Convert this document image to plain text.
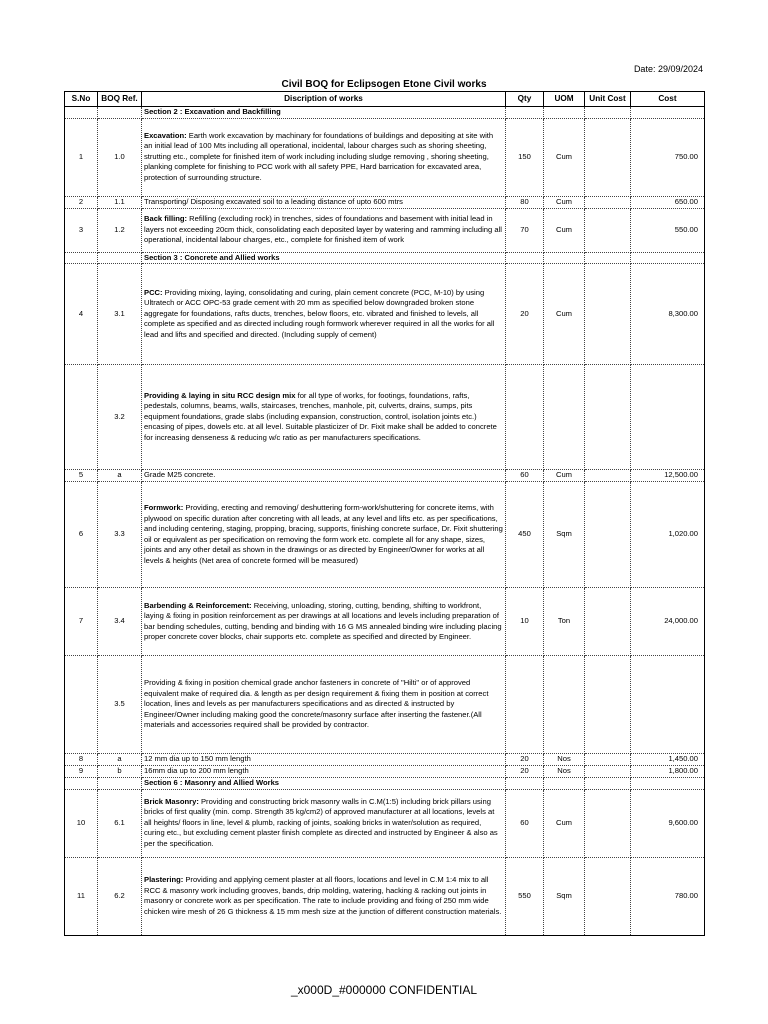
Date: 29/09/2024
Civil BOQ for Eclipsogen Etone Civil works
S.No	BOQ Ref.	Discription of works	Qty	UOM	Unit Cost	Cost
		Section 2 : Excavation and Backfilling				
1	1.0	Excavation: Earth work excavation by machinary for foundations of buildings and depositing at site with an initial lead of 100 Mts including all operational, incidental, labour charges such as shoring sheeting, strutting etc., complete for finished item of work including including sludge removing , shoring sheeting, planking complete for finishing to PCC work with all safety PPE, Hard barrication for excavated area, protection of surrounding structure.	150	Cum		750.00
2	1.1	Transporting/ Disposing excavated soil to a leading distance of upto 600 mtrs	80	Cum		650.00
3	1.2	Back filling: Refilling (excluding rock) in trenches, sides of foundations and basement with initial lead in layers not exceeding 20cm thick, consolidating each deposited layer by watering and ramming including all operational, incidental labour charges, etc., complete for finished item of work	70	Cum		550.00
		Section 3 : Concrete and Allied works				
4	3.1	PCC: Providing mixing, laying, consolidating and curing, plain cement concrete (PCC, M-10) by using Ultratech or ACC OPC-53 grade cement with 20 mm as specified below downgraded broken stone aggregate for foundations, rafts ducts, trenches, below floors, etc. vibrated and finished to levels, all complete as specified and as directed including rough formwork wherever required in all the works for all lead and lifts and specified and directed. (Including supply of cement)	20	Cum		8,300.00
	3.2	Providing & laying in situ RCC design mix for all type of works, for footings, foundations, rafts, pedestals, columns, beams, walls, staircases, trenches, manhole, pit, culverts, drains, sumps, pits equipment foundations, grade slabs (including expansion, construction, control, isolation joints etc.) encasing of pipes, dowels etc. at all level. Suitable plasticizer of Dr. Fixit make shall be added to concrete for increasing denseness & reducing w/c ratio as per manufacturers specifications.				
5	a	Grade M25 concrete.	60	Cum		12,500.00
6	3.3	Formwork: Providing, erecting and removing/ deshuttering form-work/shuttering for concrete items, with plywood on specific duration after concreting with all leads, at any level and lifts etc. as per specifications, and including centering, staging, propping, bracing, supports, finishing concrete surface, Dr. Fixit shuttering oil or equivalent as per specification on removing the form work etc. complete all for any shape, sizes, joints and any other detail as shown in the drawings or as directed by Engineer/Owner for works at all levels & heights (Net area of concrete formed will be measured)	450	Sqm		1,020.00
7	3.4	Barbending & Reinforcement: Receiving, unloading, storing, cutting, bending, shifting to workfront, laying & fixing in position reinforcement as per drawings at all locations and levels including preparation of bar bending schedules, cutting, bending and binding with 16 G MS annealed binding wire including placing proper concrete cover blocks, chair supports etc. complete as specified and directed by Engineer.	10	Ton		24,000.00
	3.5	Providing & fixing in position chemical grade anchor fasteners in concrete of "Hilti" or of approved equivalent make of required dia. & length as per design requirement & fixing them in position at correct location, lines and levels as per manufacturers specifications and as directed & instructed by Engineer/Owner including making good the concrete/masonry surface after inserting the fastener.(All materials and accessories required shall be provided by contractor.				
8	a	12 mm dia up to 150 mm length	20	Nos		1,450.00
9	b	16mm dia up to 200 mm length	20	Nos		1,800.00
		Section 6 : Masonry and Allied Works				
10	6.1	Brick Masonry: Providing and constructing brick masonry walls in C.M(1:5) including brick pillars using bricks of first quality (min. comp. Strength 35 kg/cm2) of approved manufacturer at all locations, levels at all heights/ floors in line, level & plumb, racking of joints, soaking bricks in water/solution as required, curing etc., but excluding cement plaster finish complete as directed and instructed by Engineer & also as per the specification.	60	Cum		9,600.00
11	6.2	Plastering: Providing and applying cement plaster at all floors, locations and level in C.M 1:4 mix to all RCC & masonry work including grooves, bands, drip molding, watering, hacking & racking out joints in masonry or concrete work as per specification. The rate to include providing and fixing of 250 mm wide chicken wire mesh of 26 G thickness & 15 mm mesh size at the junction of different construction materials.	550	Sqm		780.00
_x000D_#000000 CONFIDENTIAL
